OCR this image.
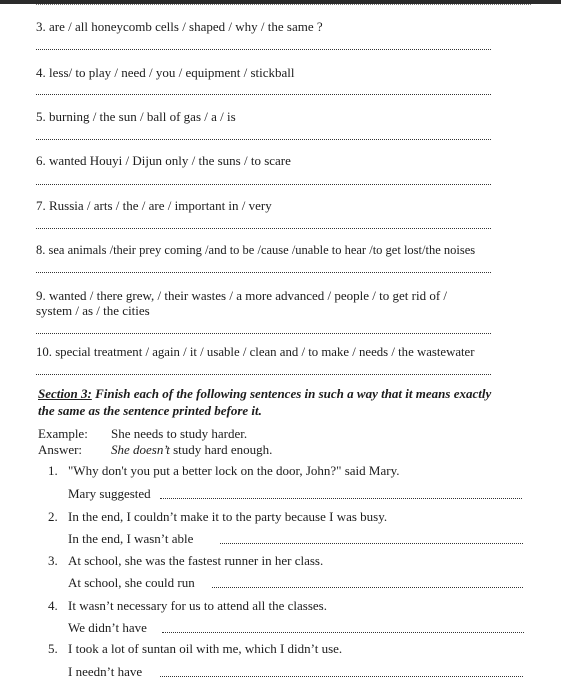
3. are / all honeycomb cells / shaped / why / the same ?
4. less/ to play / need / you / equipment / stickball
5. burning / the sun / ball of gas / a / is
6. wanted Houyi / Dijun only / the suns / to scare
7. Russia / arts / the / are / important in / very
8. sea animals /their prey coming /and to be /cause /unable to hear /to get lost/the noises
9. wanted / there grew, / their wastes / a more advanced / people / to get rid of /
system / as / the cities
10. special treatment / again / it / usable / clean and / to make / needs / the wastewater
Section 3: Finish each of the following sentences in such a way that it means exactly
the same as the sentence printed before it.
Example: She needs to study harder.
Answer: She doesn’t study hard enough.
1. "Why don't you put a better lock on the door, John?" said Mary.
Mary suggested
2. In the end, I couldn’t make it to the party because I was busy.
In the end, I wasn’t able
3. At school, she was the fastest runner in her class.
At school, she could run
4. It wasn’t necessary for us to attend all the classes.
We didn’t have
5. I took a lot of suntan oil with me, which I didn’t use.
I needn’t have
